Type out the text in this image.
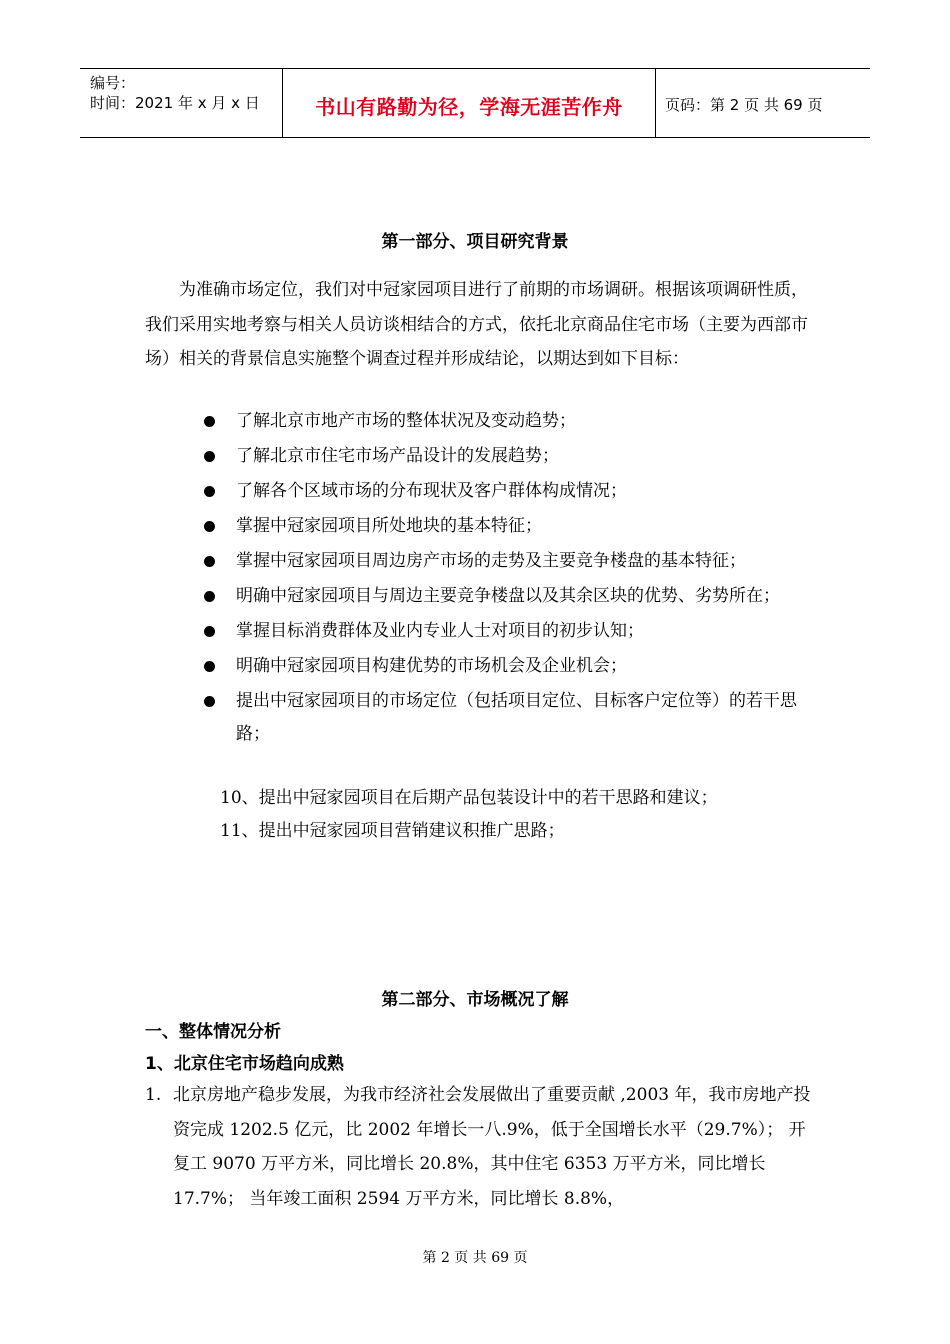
编号：
时间：2021 年 x 月 x 日	书山有路勤为径，学海无涯苦作舟	页码：第 2 页 共 69 页
第一部分、项目研究背景
为准确市场定位，我们对中冠家园项目进行了前期的市场调研。根据该项调研性质，我们采用实地考察与相关人员访谈相结合的方式，依托北京商品住宅市场（主要为西部市场）相关的背景信息实施整个调查过程并形成结论，以期达到如下目标：
了解北京市地产市场的整体状况及变动趋势；
了解北京市住宅市场产品设计的发展趋势；
了解各个区域市场的分布现状及客户群体构成情况；
掌握中冠家园项目所处地块的基本特征；
掌握中冠家园项目周边房产市场的走势及主要竞争楼盘的基本特征；
明确中冠家园项目与周边主要竞争楼盘以及其余区块的优势、劣势所在；
掌握目标消费群体及业内专业人士对项目的初步认知；
明确中冠家园项目构建优势的市场机会及企业机会；
提出中冠家园项目的市场定位（包括项目定位、目标客户定位等）的若干思路；
10、提出中冠家园项目在后期产品包装设计中的若干思路和建议；
11、提出中冠家园项目营销建议积推广思路；
第二部分、市场概况了解
一、整体情况分析
1、北京住宅市场趋向成熟
1. 北京房地产稳步发展，为我市经济社会发展做出了重要贡献 ,2003 年，我市房地产投资完成 1202.5 亿元，比 2002 年增长一八.9%，低于全国增长水平（29.7%）； 开复工 9070 万平方米，同比增长 20.8%，其中住宅 6353 万平方米，同比增长 17.7%； 当年竣工面积 2594 万平方米，同比增长 8.8%，
第 2 页 共 69 页
